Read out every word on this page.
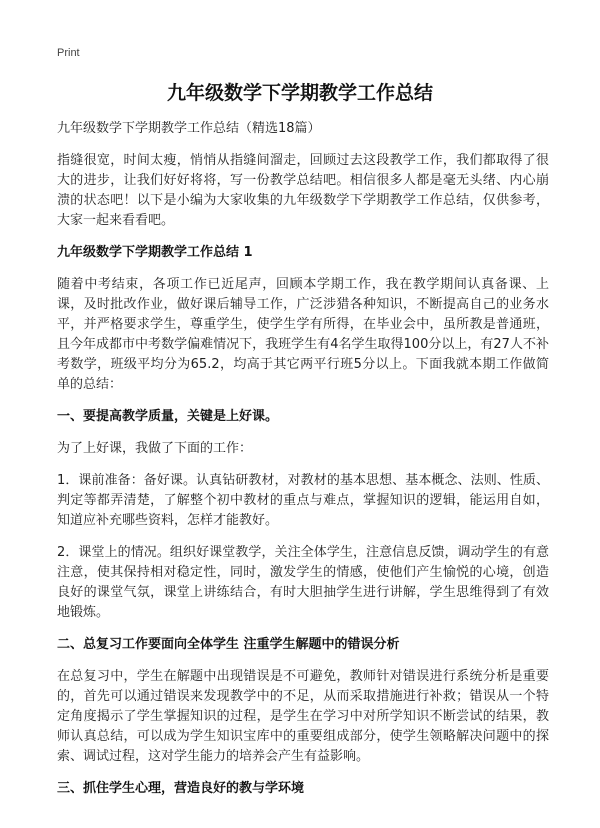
Print
九年级数学下学期教学工作总结

九年级数学下学期教学工作总结（精选18篇）

指缝很宽，时间太瘦，悄悄从指缝间溜走，回顾过去这段教学工作，我们都取得了很大的进步，让我们好好将将，写一份教学总结吧。相信很多人都是毫无头绪、内心崩溃的状态吧！以下是小编为大家收集的九年级数学下学期教学工作总结，仅供参考，大家一起来看看吧。

九年级数学下学期教学工作总结 1

随着中考结束，各项工作已近尾声，回顾本学期工作，我在教学期间认真备课、上课，及时批改作业，做好课后辅导工作，广泛涉猎各种知识，不断提高自己的业务水平，并严格要求学生，尊重学生，使学生学有所得，在毕业会中，虽所教是普通班，且今年成都市中考数学偏难情况下，我班学生有4名学生取得100分以上，有27人不补考数学，班级平均分为65.2，均高于其它两平行班5分以上。下面我就本期工作做简单的总结：

一、要提高教学质量，关键是上好课。

为了上好课，我做了下面的工作：

1．课前准备：备好课。认真钻研教材，对教材的基本思想、基本概念、法则、性质、判定等都弄清楚，了解整个初中教材的重点与难点，掌握知识的逻辑，能运用自如，知道应补充哪些资料，怎样才能教好。

2．课堂上的情况。组织好课堂教学，关注全体学生，注意信息反馈，调动学生的有意注意，使其保持相对稳定性，同时，激发学生的情感，使他们产生愉悦的心境，创造良好的课堂气氛，课堂上讲练结合，有时大胆抽学生进行讲解，学生思维得到了有效地锻炼。

二、总复习工作要面向全体学生 注重学生解题中的错误分析

在总复习中，学生在解题中出现错误是不可避免，教师针对错误进行系统分析是重要的，首先可以通过错误来发现教学中的不足，从而采取措施进行补救；错误从一个特定角度揭示了学生掌握知识的过程，是学生在学习中对所学知识不断尝试的结果，教师认真总结，可以成为学生知识宝库中的重要组成部分，使学生领略解决问题中的探索、调试过程，这对学生能力的培养会产生有益影响。

三、抓住学生心理，营造良好的教与学环境
